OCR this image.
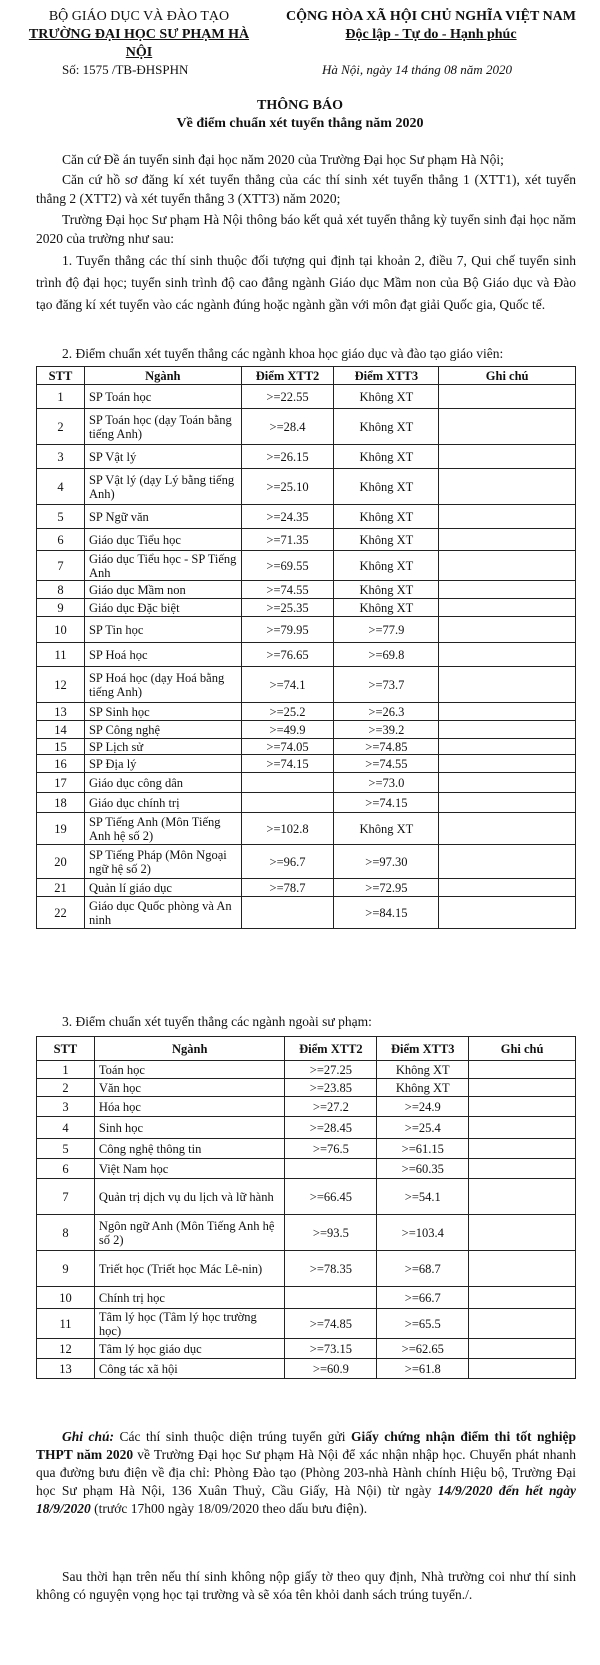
BỘ GIÁO DỤC VÀ ĐÀO TẠO
TRƯỜNG ĐẠI HỌC SƯ PHẠM HÀ NỘI
CỘNG HÒA XÃ HỘI CHỦ NGHĨA VIỆT NAM
Độc lập - Tự do - Hạnh phúc
Số: 1575 /TB-ĐHSPHN	Hà Nội, ngày 14 tháng 08 năm 2020
THÔNG BÁO
Về điểm chuẩn xét tuyển thẳng năm 2020
Căn cứ Đề án tuyển sinh đại học năm 2020 của Trường Đại học Sư phạm Hà Nội;
Căn cứ hồ sơ đăng kí xét tuyển thẳng của các thí sinh xét tuyển thẳng 1 (XTT1), xét tuyển thẳng 2 (XTT2) và xét tuyển thẳng 3 (XTT3) năm 2020;
Trường Đại học Sư phạm Hà Nội thông báo kết quả xét tuyển thẳng kỳ tuyển sinh đại học năm 2020 của trường như sau:
1. Tuyển thẳng các thí sinh thuộc đối tượng qui định tại khoản 2, điều 7, Qui chế tuyển sinh trình độ đại học; tuyển sinh trình độ cao đẳng ngành Giáo dục Mầm non của Bộ Giáo dục và Đào tạo đăng kí xét tuyển vào các ngành đúng hoặc ngành gần với môn đạt giải Quốc gia, Quốc tế.
2. Điểm chuẩn xét tuyển thẳng các ngành khoa học giáo dục và đào tạo giáo viên:
STT	Ngành	Điểm XTT2	Điểm XTT3	Ghi chú
1	SP Toán học	>=22.55	Không XT	
2	SP Toán học (dạy Toán bằng tiếng Anh)	>=28.4	Không XT	
3	SP Vật lý	>=26.15	Không XT	
4	SP Vật lý (dạy Lý bằng tiếng Anh)	>=25.10	Không XT	
5	SP Ngữ văn	>=24.35	Không XT	
6	Giáo dục Tiểu học	>=71.35	Không XT	
7	Giáo dục Tiểu học - SP Tiếng Anh	>=69.55	Không XT	
8	Giáo dục Mầm non	>=74.55	Không XT	
9	Giáo dục Đặc biệt	>=25.35	Không XT	
10	SP Tin học	>=79.95	>=77.9	
11	SP Hoá học	>=76.65	>=69.8	
12	SP Hoá học (dạy Hoá bằng tiếng Anh)	>=74.1	>=73.7	
13	SP Sinh học	>=25.2	>=26.3	
14	SP Công nghệ	>=49.9	>=39.2	
15	SP Lịch sử	>=74.05	>=74.85	
16	SP Địa lý	>=74.15	>=74.55	
17	Giáo dục công dân		>=73.0	
18	Giáo dục chính trị		>=74.15	
19	SP Tiếng Anh (Môn Tiếng Anh hệ số 2)	>=102.8	Không XT	
20	SP Tiếng Pháp (Môn Ngoại ngữ hệ số 2)	>=96.7	>=97.30	
21	Quản lí giáo dục	>=78.7	>=72.95	
22	Giáo dục Quốc phòng và An ninh		>=84.15	
3. Điểm chuẩn xét tuyển thẳng các ngành ngoài sư phạm:
STT	Ngành	Điểm XTT2	Điểm XTT3	Ghi chú
1	Toán học	>=27.25	Không XT	
2	Văn học	>=23.85	Không XT	
3	Hóa học	>=27.2	>=24.9	
4	Sinh học	>=28.45	>=25.4	
5	Công nghệ thông tin	>=76.5	>=61.15	
6	Việt Nam học		>=60.35	
7	Quản trị dịch vụ du lịch và lữ hành	>=66.45	>=54.1	
8	Ngôn ngữ Anh (Môn Tiếng Anh hệ số 2)	>=93.5	>=103.4	
9	Triết học (Triết học Mác Lê-nin)	>=78.35	>=68.7	
10	Chính trị học		>=66.7	
11	Tâm lý học (Tâm lý học trường học)	>=74.85	>=65.5	
12	Tâm lý học giáo dục	>=73.15	>=62.65	
13	Công tác xã hội	>=60.9	>=61.8	
Ghi chú: Các thí sinh thuộc diện trúng tuyển gửi Giấy chứng nhận điểm thi tốt nghiệp THPT năm 2020 về Trường Đại học Sư phạm Hà Nội để xác nhận nhập học. Chuyển phát nhanh qua đường bưu điện về địa chỉ: Phòng Đào tạo (Phòng 203-nhà Hành chính Hiệu bộ, Trường Đại học Sư phạm Hà Nội, 136 Xuân Thuỷ, Cầu Giấy, Hà Nội) từ ngày 14/9/2020 đến hết ngày 18/9/2020 (trước 17h00 ngày 18/09/2020 theo dấu bưu điện).
Sau thời hạn trên nếu thí sinh không nộp giấy tờ theo quy định, Nhà trường coi như thí sinh không có nguyện vọng học tại trường và sẽ xóa tên khỏi danh sách trúng tuyển./.
